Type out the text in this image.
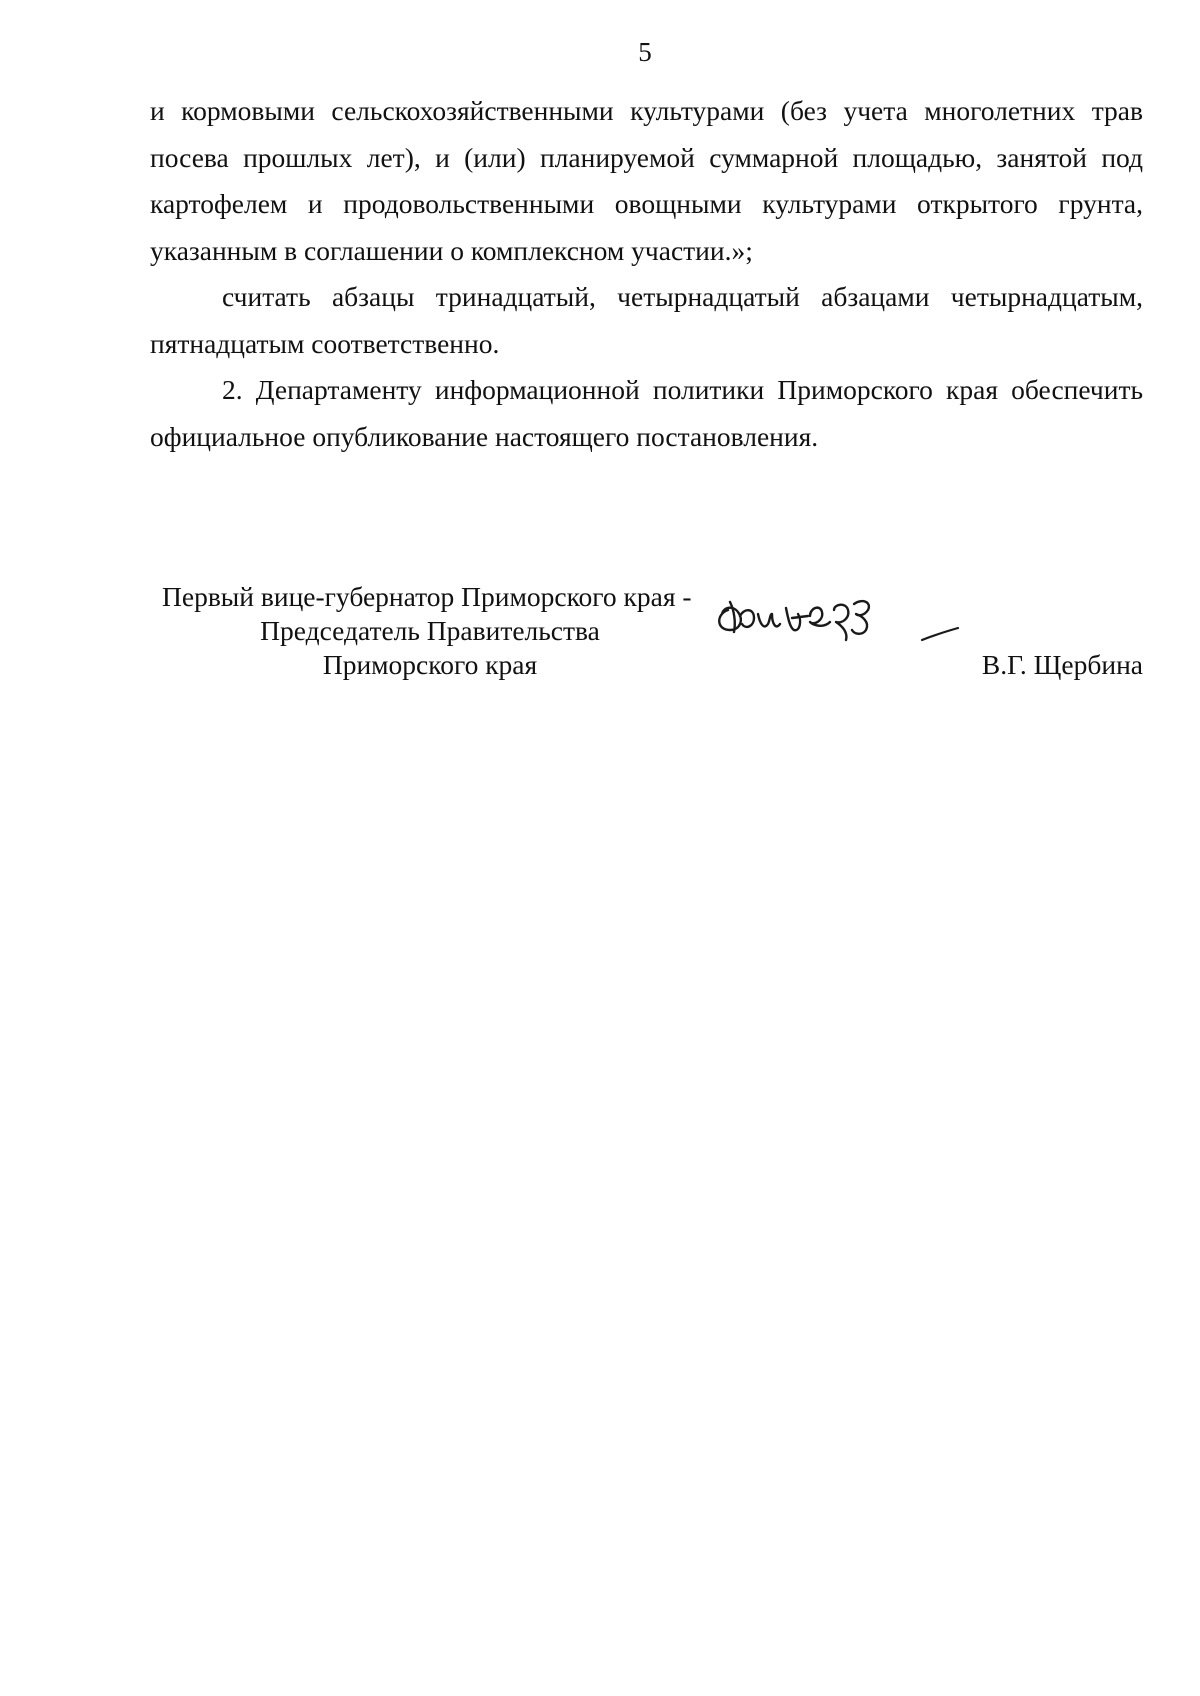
5

и кормовыми сельскохозяйственными культурами (без учета многолетних трав
посева прошлых лет), и (или) планируемой суммарной площадью, занятой под
картофелем и продовольственными овощными культурами открытого грунта,
указанным в соглашении о комплексном участии.»;

считать абзацы тринадцатый, четырнадцатый абзацами четырнадцатым,
пятнадцатым соответственно.

2. Департаменту информационной политики Приморского края обеспечить
официальное опубликование настоящего постановления.

Первый вице-губернатор Приморского края -
Председатель Правительства
Приморского края	В.Г. Щербина
